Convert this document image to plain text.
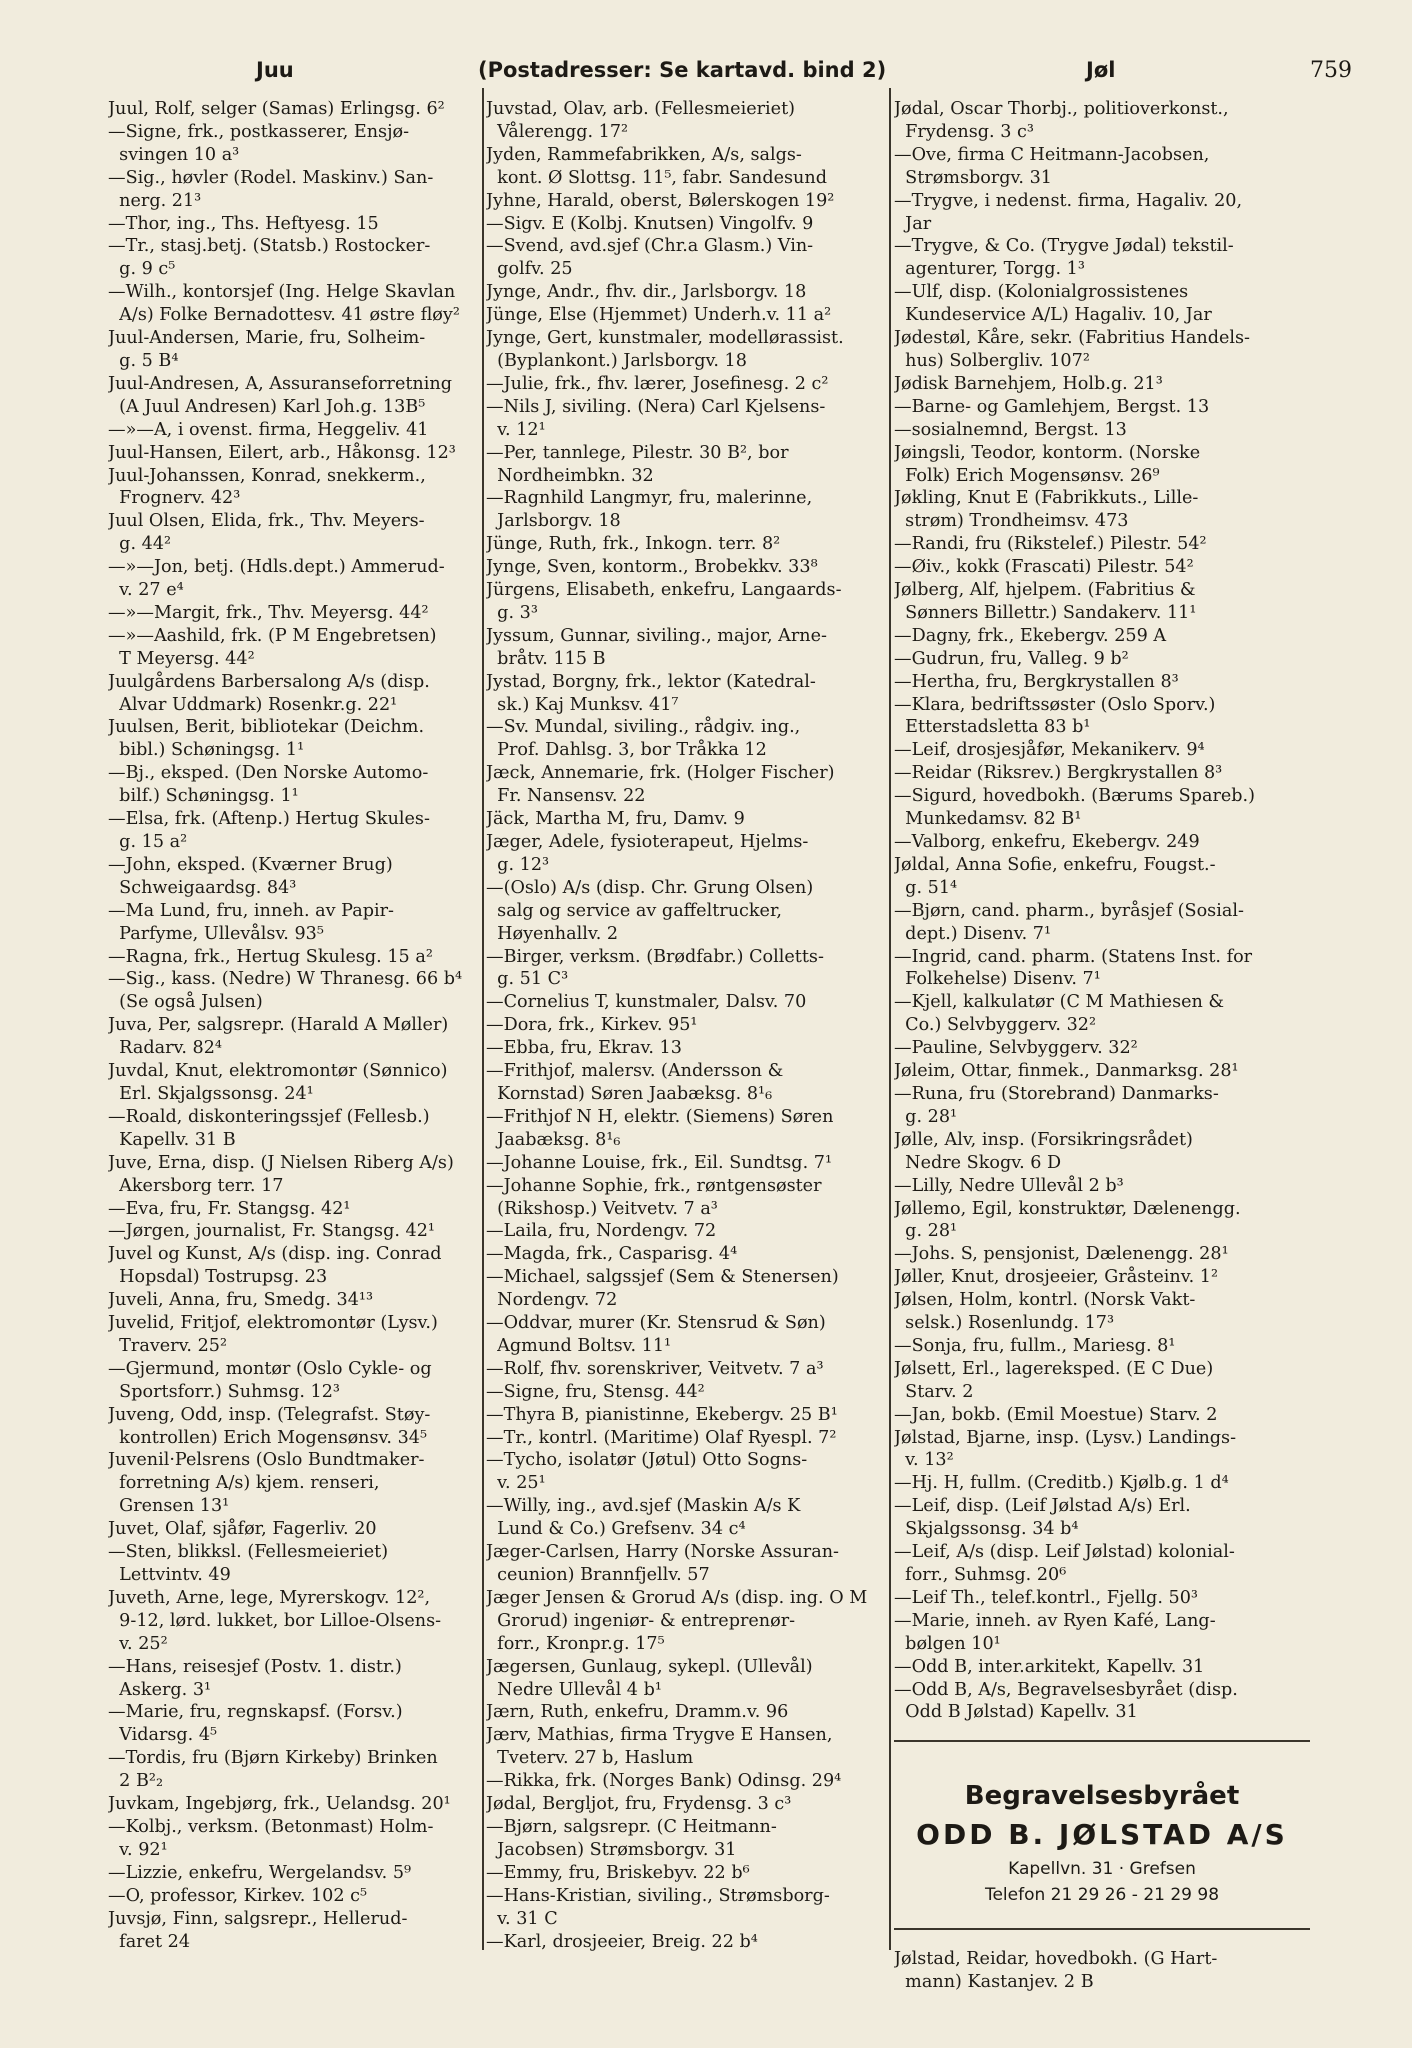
Juu	(Postadresser: Se kartavd. bind 2)	Jøl	759
Juul, Rolf, selger (Samas) Erlingsg. 6²
—Signe, frk., postkasserer, Ensjø-
svingen 10 a³
—Sig., høvler (Rodel. Maskinv.) San-
nerg. 21³
—Thor, ing., Ths. Heftyesg. 15
—Tr., stasj.betj. (Statsb.) Rostocker-
g. 9 c⁵
—Wilh., kontorsjef (Ing. Helge Skavlan
A/s) Folke Bernadottesv. 41 østre fløy²
Juul-Andersen, Marie, fru, Solheim-
g. 5 B⁴
Juul-Andresen, A, Assuranseforretning
(A Juul Andresen) Karl Joh.g. 13B⁵
—»—A, i ovenst. firma, Heggeliv. 41
Juul-Hansen, Eilert, arb., Håkonsg. 12³
Juul-Johanssen, Konrad, snekkerm.,
Frognerv. 42³
Juul Olsen, Elida, frk., Thv. Meyers-
g. 44²
—»—Jon, betj. (Hdls.dept.) Ammerud-
v. 27 e⁴
—»—Margit, frk., Thv. Meyersg. 44²
—»—Aashild, frk. (P M Engebretsen)
T Meyersg. 44²
Juulgårdens Barbersalong A/s (disp.
Alvar Uddmark) Rosenkr.g. 22¹
Juulsen, Berit, bibliotekar (Deichm.
bibl.) Schøningsg. 1¹
—Bj., eksped. (Den Norske Automo-
bilf.) Schøningsg. 1¹
—Elsa, frk. (Aftenp.) Hertug Skules-
g. 15 a²
—John, eksped. (Kværner Brug)
Schweigaardsg. 84³
—Ma Lund, fru, inneh. av Papir-
Parfyme, Ullevålsv. 93⁵
—Ragna, frk., Hertug Skulesg. 15 a²
—Sig., kass. (Nedre) W Thranesg. 66 b⁴
(Se også Julsen)
Juva, Per, salgsrepr. (Harald A Møller)
Radarv. 82⁴
Juvdal, Knut, elektromontør (Sønnico)
Erl. Skjalgssonsg. 24¹
—Roald, diskonteringssjef (Fellesb.)
Kapellv. 31 B
Juve, Erna, disp. (J Nielsen Riberg A/s)
Akersborg terr. 17
—Eva, fru, Fr. Stangsg. 42¹
—Jørgen, journalist, Fr. Stangsg. 42¹
Juvel og Kunst, A/s (disp. ing. Conrad
Hopsdal) Tostrupsg. 23
Juveli, Anna, fru, Smedg. 34¹³
Juvelid, Fritjof, elektromontør (Lysv.)
Traverv. 25²
—Gjermund, montør (Oslo Cykle- og
Sportsforr.) Suhmsg. 12³
Juveng, Odd, insp. (Telegrafst. Støy-
kontrollen) Erich Mogensønsv. 34⁵
Juvenil·Pelsrens (Oslo Bundtmaker-
forretning A/s) kjem. renseri,
Grensen 13¹
Juvet, Olaf, sjåfør, Fagerliv. 20
—Sten, blikksl. (Fellesmeieriet)
Lettvintv. 49
Juveth, Arne, lege, Myrerskogv. 12²,
9-12, lørd. lukket, bor Lilloe-Olsens-
v. 25²
—Hans, reisesjef (Postv. 1. distr.)
Askerg. 3¹
—Marie, fru, regnskapsf. (Forsv.)
Vidarsg. 4⁵
—Tordis, fru (Bjørn Kirkeby) Brinken
2 B²₂
Juvkam, Ingebjørg, frk., Uelandsg. 20¹
—Kolbj., verksm. (Betonmast) Holm-
v. 92¹
—Lizzie, enkefru, Wergelandsv. 5⁹
—O, professor, Kirkev. 102 c⁵
Juvsjø, Finn, salgsrepr., Hellerud-
faret 24
Juvstad, Olav, arb. (Fellesmeieriet)
Vålerengg. 17²
Jyden, Rammefabrikken, A/s, salgs-
kont. Ø Slottsg. 11⁵, fabr. Sandesund
Jyhne, Harald, oberst, Bølerskogen 19²
—Sigv. E (Kolbj. Knutsen) Vingolfv. 9
—Svend, avd.sjef (Chr.a Glasm.) Vin-
golfv. 25
Jynge, Andr., fhv. dir., Jarlsborgv. 18
Jünge, Else (Hjemmet) Underh.v. 11 a²
Jynge, Gert, kunstmaler, modellørassist.
(Byplankont.) Jarlsborgv. 18
—Julie, frk., fhv. lærer, Josefinesg. 2 c²
—Nils J, siviling. (Nera) Carl Kjelsens-
v. 12¹
—Per, tannlege, Pilestr. 30 B², bor
Nordheimbkn. 32
—Ragnhild Langmyr, fru, malerinne,
Jarlsborgv. 18
Jünge, Ruth, frk., Inkogn. terr. 8²
Jynge, Sven, kontorm., Brobekkv. 33⁸
Jürgens, Elisabeth, enkefru, Langaards-
g. 3³
Jyssum, Gunnar, siviling., major, Arne-
bråtv. 115 B
Jystad, Borgny, frk., lektor (Katedral-
sk.) Kaj Munksv. 41⁷
—Sv. Mundal, siviling., rådgiv. ing.,
Prof. Dahlsg. 3, bor Tråkka 12
Jæck, Annemarie, frk. (Holger Fischer)
Fr. Nansensv. 22
Jäck, Martha M, fru, Damv. 9
Jæger, Adele, fysioterapeut, Hjelms-
g. 12³
—(Oslo) A/s (disp. Chr. Grung Olsen)
salg og service av gaffeltrucker,
Høyenhallv. 2
—Birger, verksm. (Brødfabr.) Colletts-
g. 51 C³
—Cornelius T, kunstmaler, Dalsv. 70
—Dora, frk., Kirkev. 95¹
—Ebba, fru, Ekrav. 13
—Frithjof, malersv. (Andersson &
Kornstad) Søren Jaabæksg. 8¹₆
—Frithjof N H, elektr. (Siemens) Søren
Jaabæksg. 8¹₆
—Johanne Louise, frk., Eil. Sundtsg. 7¹
—Johanne Sophie, frk., røntgensøster
(Rikshosp.) Veitvetv. 7 a³
—Laila, fru, Nordengv. 72
—Magda, frk., Casparisg. 4⁴
—Michael, salgssjef (Sem & Stenersen)
Nordengv. 72
—Oddvar, murer (Kr. Stensrud & Søn)
Agmund Boltsv. 11¹
—Rolf, fhv. sorenskriver, Veitvetv. 7 a³
—Signe, fru, Stensg. 44²
—Thyra B, pianistinne, Ekebergv. 25 B¹
—Tr., kontrl. (Maritime) Olaf Ryespl. 7²
—Tycho, isolatør (Jøtul) Otto Sogns-
v. 25¹
—Willy, ing., avd.sjef (Maskin A/s K
Lund & Co.) Grefsenv. 34 c⁴
Jæger-Carlsen, Harry (Norske Assuran-
ceunion) Brannfjellv. 57
Jæger Jensen & Grorud A/s (disp. ing. O M
Grorud) ingeniør- & entreprenør-
forr., Kronpr.g. 17⁵
Jægersen, Gunlaug, sykepl. (Ullevål)
Nedre Ullevål 4 b¹
Jærn, Ruth, enkefru, Dramm.v. 96
Jærv, Mathias, firma Trygve E Hansen,
Tveterv. 27 b, Haslum
—Rikka, frk. (Norges Bank) Odinsg. 29⁴
Jødal, Bergljot, fru, Frydensg. 3 c³
—Bjørn, salgsrepr. (C Heitmann-
Jacobsen) Strømsborgv. 31
—Emmy, fru, Briskebyv. 22 b⁶
—Hans-Kristian, siviling., Strømsborg-
v. 31 C
—Karl, drosjeeier, Breig. 22 b⁴
Jødal, Oscar Thorbj., politioverkonst.,
Frydensg. 3 c³
—Ove, firma C Heitmann-Jacobsen,
Strømsborgv. 31
—Trygve, i nedenst. firma, Hagaliv. 20,
Jar
—Trygve, & Co. (Trygve Jødal) tekstil-
agenturer, Torgg. 1³
—Ulf, disp. (Kolonialgrossistenes
Kundeservice A/L) Hagaliv. 10, Jar
Jødestøl, Kåre, sekr. (Fabritius Handels-
hus) Solbergliv. 107²
Jødisk Barnehjem, Holb.g. 21³
—Barne- og Gamlehjem, Bergst. 13
—sosialnemnd, Bergst. 13
Jøingsli, Teodor, kontorm. (Norske
Folk) Erich Mogensønsv. 26⁹
Jøkling, Knut E (Fabrikkuts., Lille-
strøm) Trondheimsv. 473
—Randi, fru (Rikstelef.) Pilestr. 54²
—Øiv., kokk (Frascati) Pilestr. 54²
Jølberg, Alf, hjelpem. (Fabritius &
Sønners Billettr.) Sandakerv. 11¹
—Dagny, frk., Ekebergv. 259 A
—Gudrun, fru, Valleg. 9 b²
—Hertha, fru, Bergkrystallen 8³
—Klara, bedriftssøster (Oslo Sporv.)
Etterstadsletta 83 b¹
—Leif, drosjesjåfør, Mekanikerv. 9⁴
—Reidar (Riksrev.) Bergkrystallen 8³
—Sigurd, hovedbokh. (Bærums Spareb.)
Munkedamsv. 82 B¹
—Valborg, enkefru, Ekebergv. 249
Jøldal, Anna Sofie, enkefru, Fougst.-
g. 51⁴
—Bjørn, cand. pharm., byråsjef (Sosial-
dept.) Disenv. 7¹
—Ingrid, cand. pharm. (Statens Inst. for
Folkehelse) Disenv. 7¹
—Kjell, kalkulatør (C M Mathiesen &
Co.) Selvbyggerv. 32²
—Pauline, Selvbyggerv. 32²
Jøleim, Ottar, finmek., Danmarksg. 28¹
—Runa, fru (Storebrand) Danmarks-
g. 28¹
Jølle, Alv, insp. (Forsikringsrådet)
Nedre Skogv. 6 D
—Lilly, Nedre Ullevål 2 b³
Jøllemo, Egil, konstruktør, Dælenengg.
g. 28¹
—Johs. S, pensjonist, Dælenengg. 28¹
Jøller, Knut, drosjeeier, Gråsteinv. 1²
Jølsen, Holm, kontrl. (Norsk Vakt-
selsk.) Rosenlundg. 17³
—Sonja, fru, fullm., Mariesg. 8¹
Jølsett, Erl., lagereksped. (E C Due)
Starv. 2
—Jan, bokb. (Emil Moestue) Starv. 2
Jølstad, Bjarne, insp. (Lysv.) Landings-
v. 13²
—Hj. H, fullm. (Creditb.) Kjølb.g. 1 d⁴
—Leif, disp. (Leif Jølstad A/s) Erl.
Skjalgssonsg. 34 b⁴
—Leif, A/s (disp. Leif Jølstad) kolonial-
forr., Suhmsg. 20⁶
—Leif Th., telef.kontrl., Fjellg. 50³
—Marie, inneh. av Ryen Kafé, Lang-
bølgen 10¹
—Odd B, inter.arkitekt, Kapellv. 31
—Odd B, A/s, Begravelsesbyrået (disp.
Odd B Jølstad) Kapellv. 31
Begravelsesbyrået
ODD B. JØLSTAD A/S
Kapellvn. 31 · Grefsen
Telefon 21 29 26 - 21 29 98
Jølstad, Reidar, hovedbokh. (G Hart-
mann) Kastanjev. 2 B
